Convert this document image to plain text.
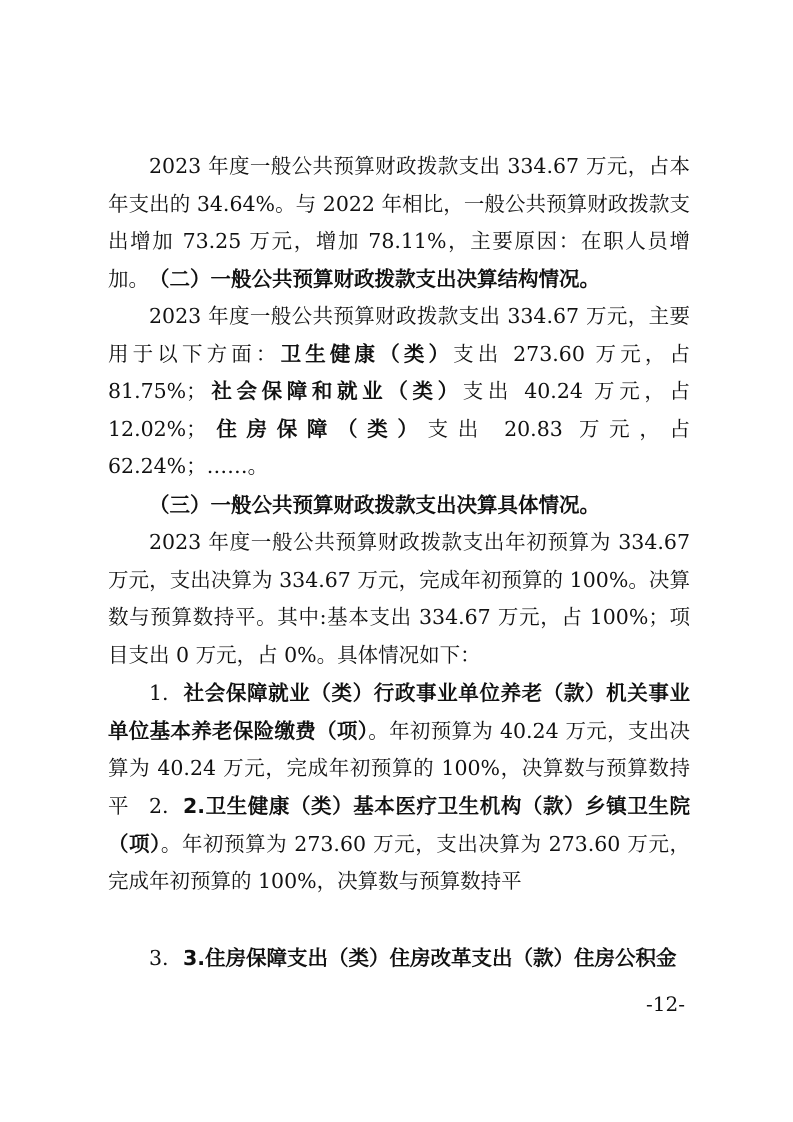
2023 年度一般公共预算财政拨款支出 334.67 万元，占本年支出的 34.64%。与 2022 年相比，一般公共预算财政拨款支出增加 73.25 万元，增加 78.11%，主要原因：在职人员增加。 （二）一般公共预算财政拨款支出决算结构情况。

2023 年度一般公共预算财政拨款支出 334.67 万元，主要用于以下方面：卫生健康（类）支出 273.60 万元，占 81.75%；社会保障和就业（类）支出 40.24 万元，占 12.02%；住房保障（类）支出 20.83 万元，占 62.24%；……。

（三）一般公共预算财政拨款支出决算具体情况。

2023 年度一般公共预算财政拨款支出年初预算为 334.67 万元，支出决算为 334.67 万元，完成年初预算的 100%。决算数与预算数持平。其中:基本支出 334.67 万元，占 100%；项目支出 0 万元，占 0%。具体情况如下：

1. 社会保障就业（类）行政事业单位养老（款）机关事业单位基本养老保险缴费（项）。年初预算为 40.24 万元，支出决算为 40.24 万元，完成年初预算的 100%，决算数与预算数持平	2. 2.卫生健康（类）基本医疗卫生机构（款）乡镇卫生院（项）。年初预算为 273.60 万元，支出决算为 273.60 万元，完成年初预算的 100%，决算数与预算数持平

3. 3.住房保障支出（类）住房改革支出（款）住房公积金

-12-
